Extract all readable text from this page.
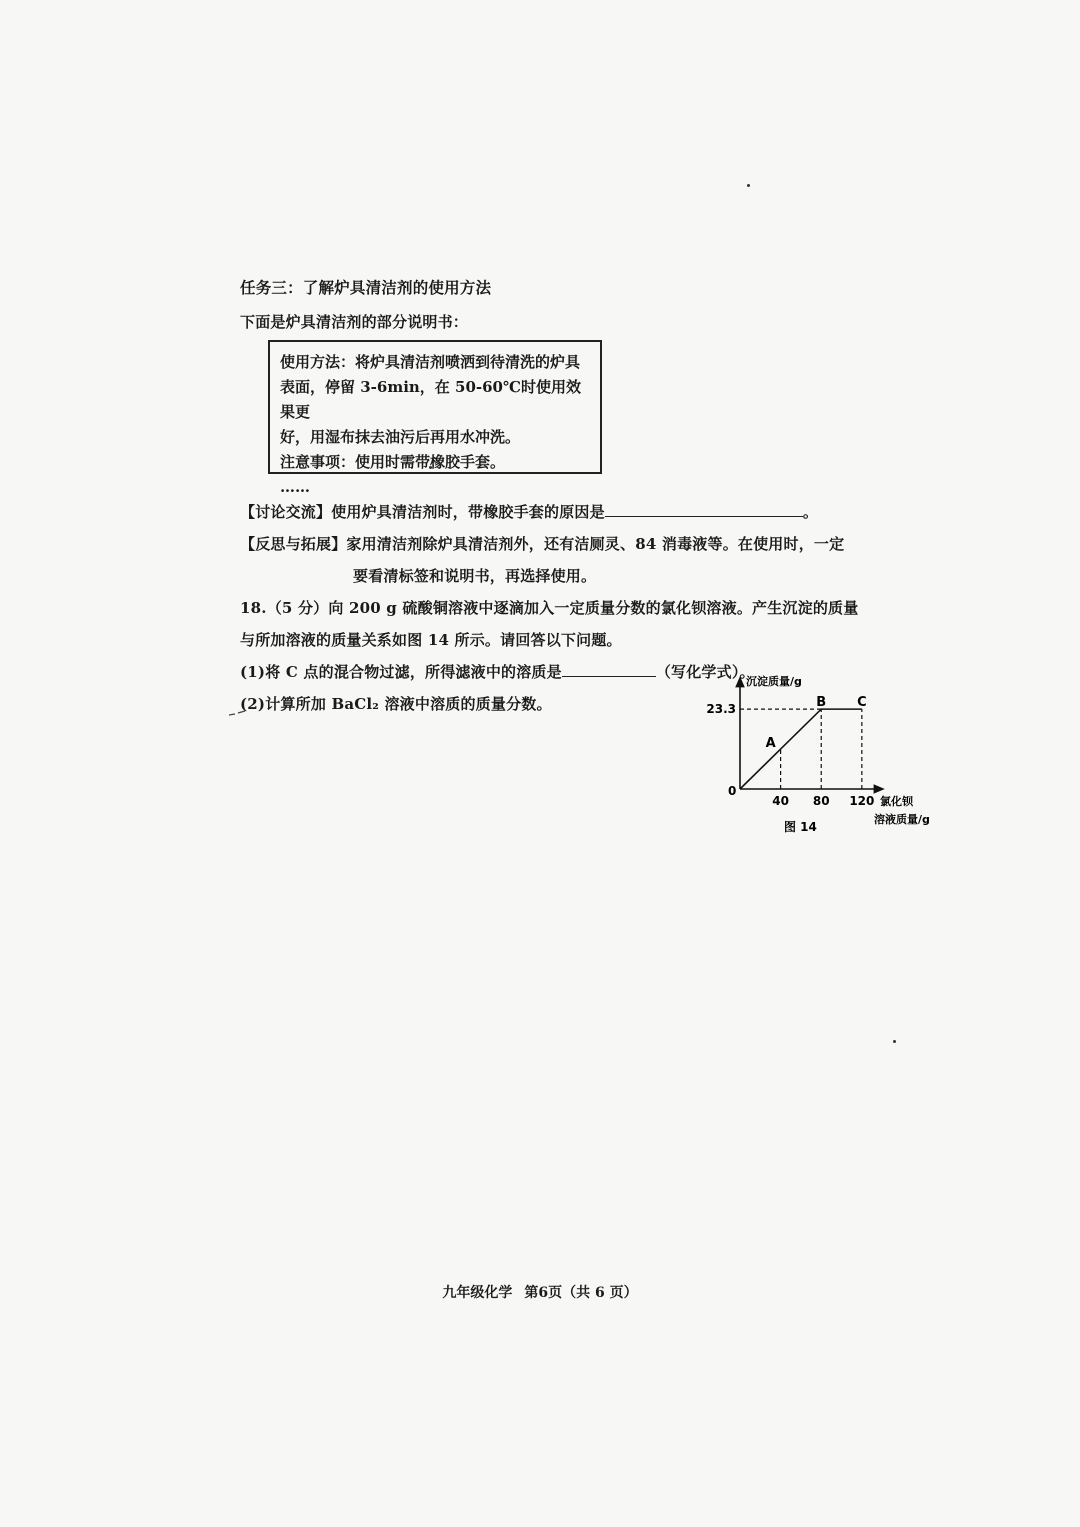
任务三：了解炉具清洁剂的使用方法
下面是炉具清洁剂的部分说明书：

使用方法：将炉具清洁剂喷洒到待清洗的炉具

表面，停留 3-6min，在 50-60℃时使用效果更

好，用湿布抹去油污后再用水冲洗。

注意事项：使用时需带橡胶手套。

……

【讨论交流】使用炉具清洁剂时，带橡胶手套的原因是	。
【反思与拓展】家用清洁剂除炉具清洁剂外，还有洁厕灵、84 消毒液等。在使用时，一定
要看清标签和说明书，再选择使用。
18.（5 分）向 200 g 硫酸铜溶液中逐滴加入一定质量分数的氯化钡溶液。产生沉淀的质量
与所加溶液的质量关系如图 14 所示。请回答以下问题。
(1)将 C 点的混合物过滤，所得滤液中的溶质是	（写化学式）。
(2)计算所加 BaCl₂ 溶液中溶质的质量分数。
40 80 120
23.3
A
B C
沉淀质量/g
氯化钡
溶液质量/g
0
图 14
九年级化学 第6页（共 6 页）
